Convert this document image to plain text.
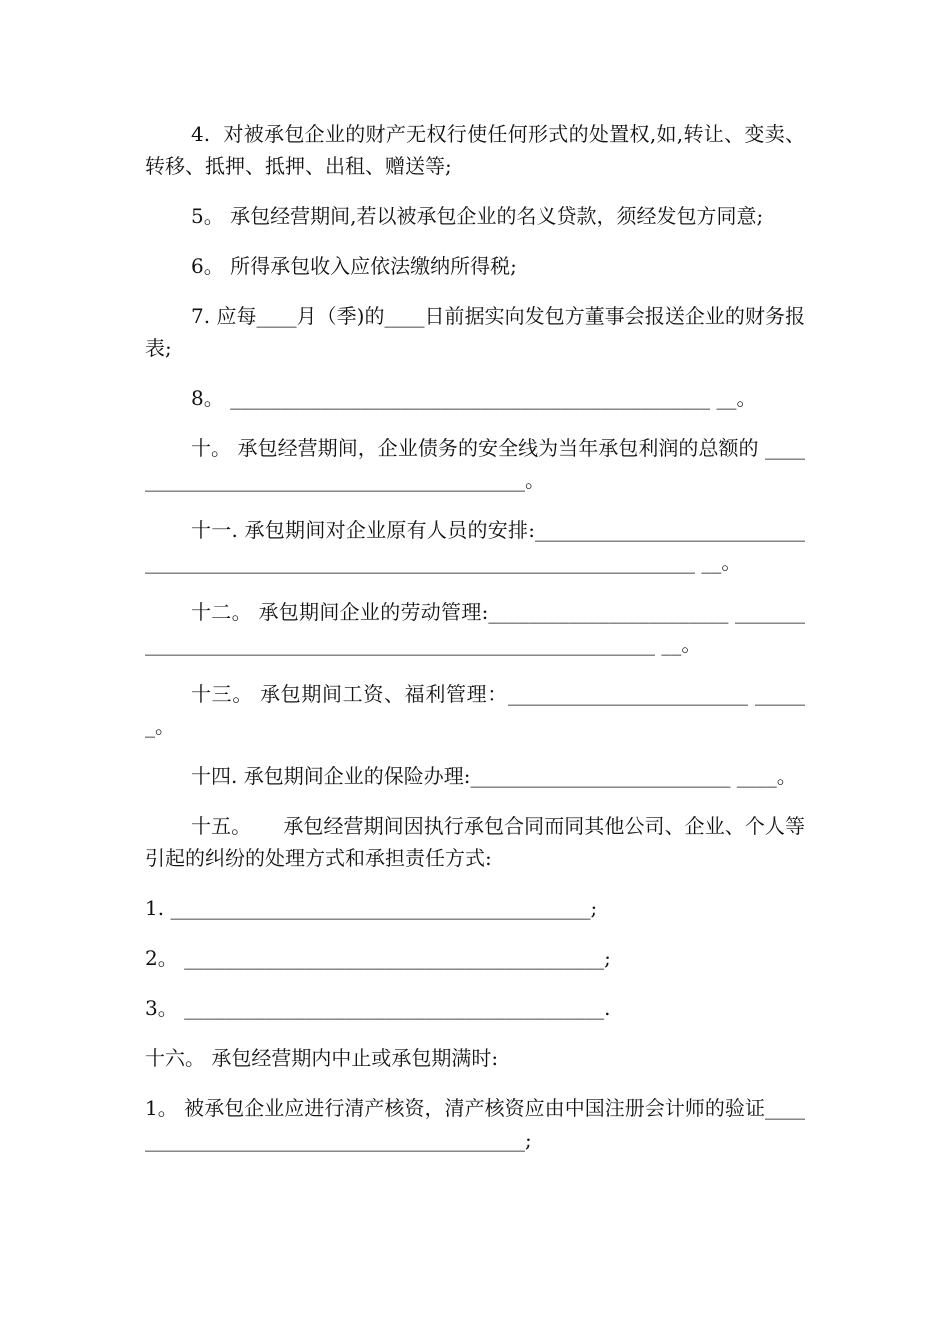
4.  对被承包企业的财产无权行使任何形式的处置权,如,转让、变卖、转移、抵押、抵押、出租、赠送等;

5。 承包经营期间,若以被承包企业的名义贷款，须经发包方同意;

6。 所得承包收入应依法缴纳所得税;

7. 应每____月（季)的____日前据实向发包方董事会报送企业的财务报表;

8。 ________________________________________________ __。

十。 承包经营期间，企业债务的安全线为当年承包利润的总额的 __________________________________________。

十一. 承包期间对企业原有人员的安排:__________________________________________________________________________________ __。

十二。 承包期间企业的劳动管理:________________________ __________________________________________________________ __。

十三。 承包期间工资、福利管理：________________________ ______。

十四. 承包期间企业的保险办理:__________________________ ____。

十五。     承包经营期间因执行承包合同而同其他公司、企业、个人等引起的纠纷的处理方式和承担责任方式:

1. __________________________________________;

2。 __________________________________________;

3。 __________________________________________.

十六。 承包经营期内中止或承包期满时:

1。 被承包企业应进行清产核资，清产核资应由中国注册会计师的验证__________________________________________;
